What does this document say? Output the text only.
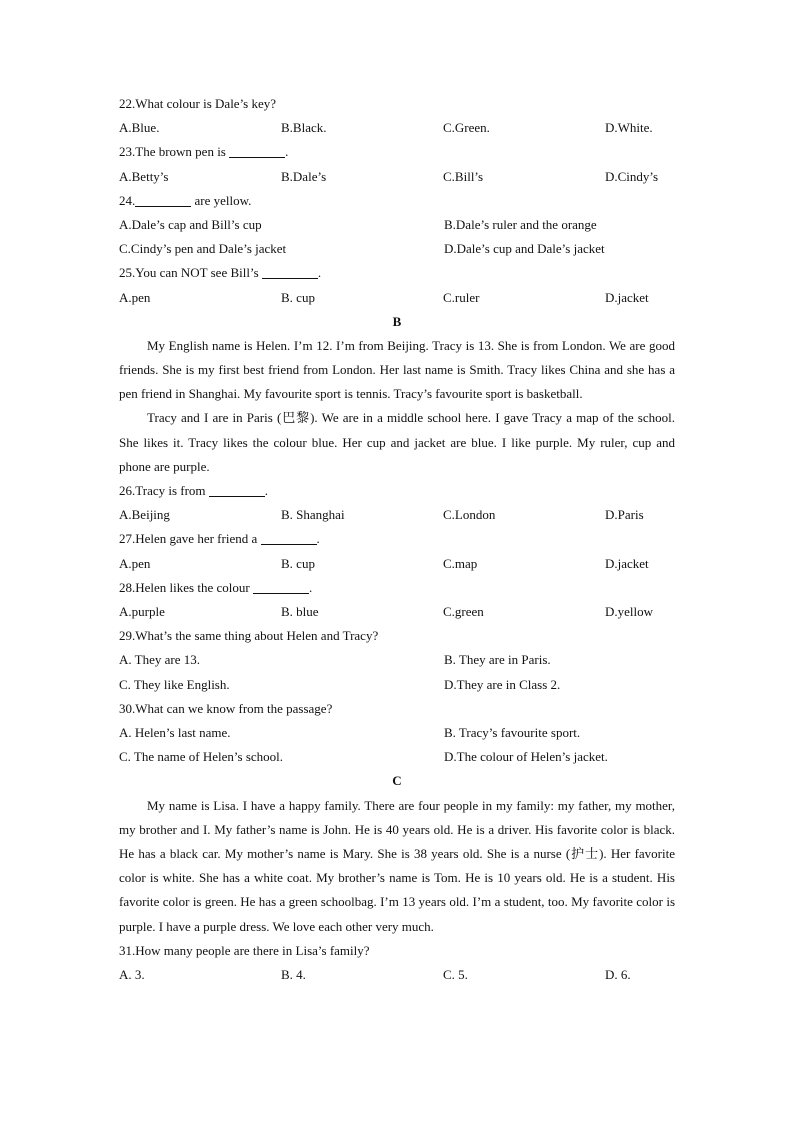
22.What colour is Dale’s key?
A.Blue.	B.Black.	C.Green.	D.White.
23.The brown pen is	.
A.Betty’s	B.Dale’s	C.Bill’s	D.Cindy’s
24.	are yellow.
A.Dale’s cap and Bill’s cup	B.Dale’s ruler and the orange
C.Cindy’s pen and Dale’s jacket	D.Dale’s cup and Dale’s jacket
25.You can NOT see Bill’s	.
A.pen	B. cup	C.ruler	D.jacket
B

My English name is Helen. I’m 12. I’m from Beijing. Tracy is 13. She is from London. We are good friends. She is my first best friend from London. Her last name is Smith. Tracy likes China and she has a pen friend in Shanghai. My favourite sport is tennis. Tracy’s favourite sport is basketball.

Tracy and I are in Paris (巴黎). We are in a middle school here. I gave Tracy a map of the school. She likes it. Tracy likes the colour blue. Her cup and jacket are blue. I like purple. My ruler, cup and phone are purple.

26.Tracy is from	.
A.Beijing	B. Shanghai	C.London	D.Paris
27.Helen gave her friend a	.
A.pen	B. cup	C.map	D.jacket
28.Helen likes the colour	.
A.purple	B. blue	C.green	D.yellow
29.What’s the same thing about Helen and Tracy?
A. They are 13.	B. They are in Paris.
C. They like English.	D.They are in Class 2.
30.What can we know from the passage?
A. Helen’s last name.	B. Tracy’s favourite sport.
C. The name of Helen’s school.	D.The colour of Helen’s jacket.
C

My name is Lisa. I have a happy family. There are four people in my family: my father, my mother, my brother and I. My father’s name is John. He is 40 years old. He is a driver. His favorite color is black. He has a black car. My mother’s name is Mary. She is 38 years old. She is a nurse (护士). Her favorite color is white. She has a white coat. My brother’s name is Tom. He is 10 years old. He is a student. His favorite color is green. He has a green schoolbag. I’m 13 years old. I’m a student, too. My favorite color is purple. I have a purple dress. We love each other very much.

31.How many people are there in Lisa’s family?
A. 3.	B. 4.	C. 5.	D. 6.
